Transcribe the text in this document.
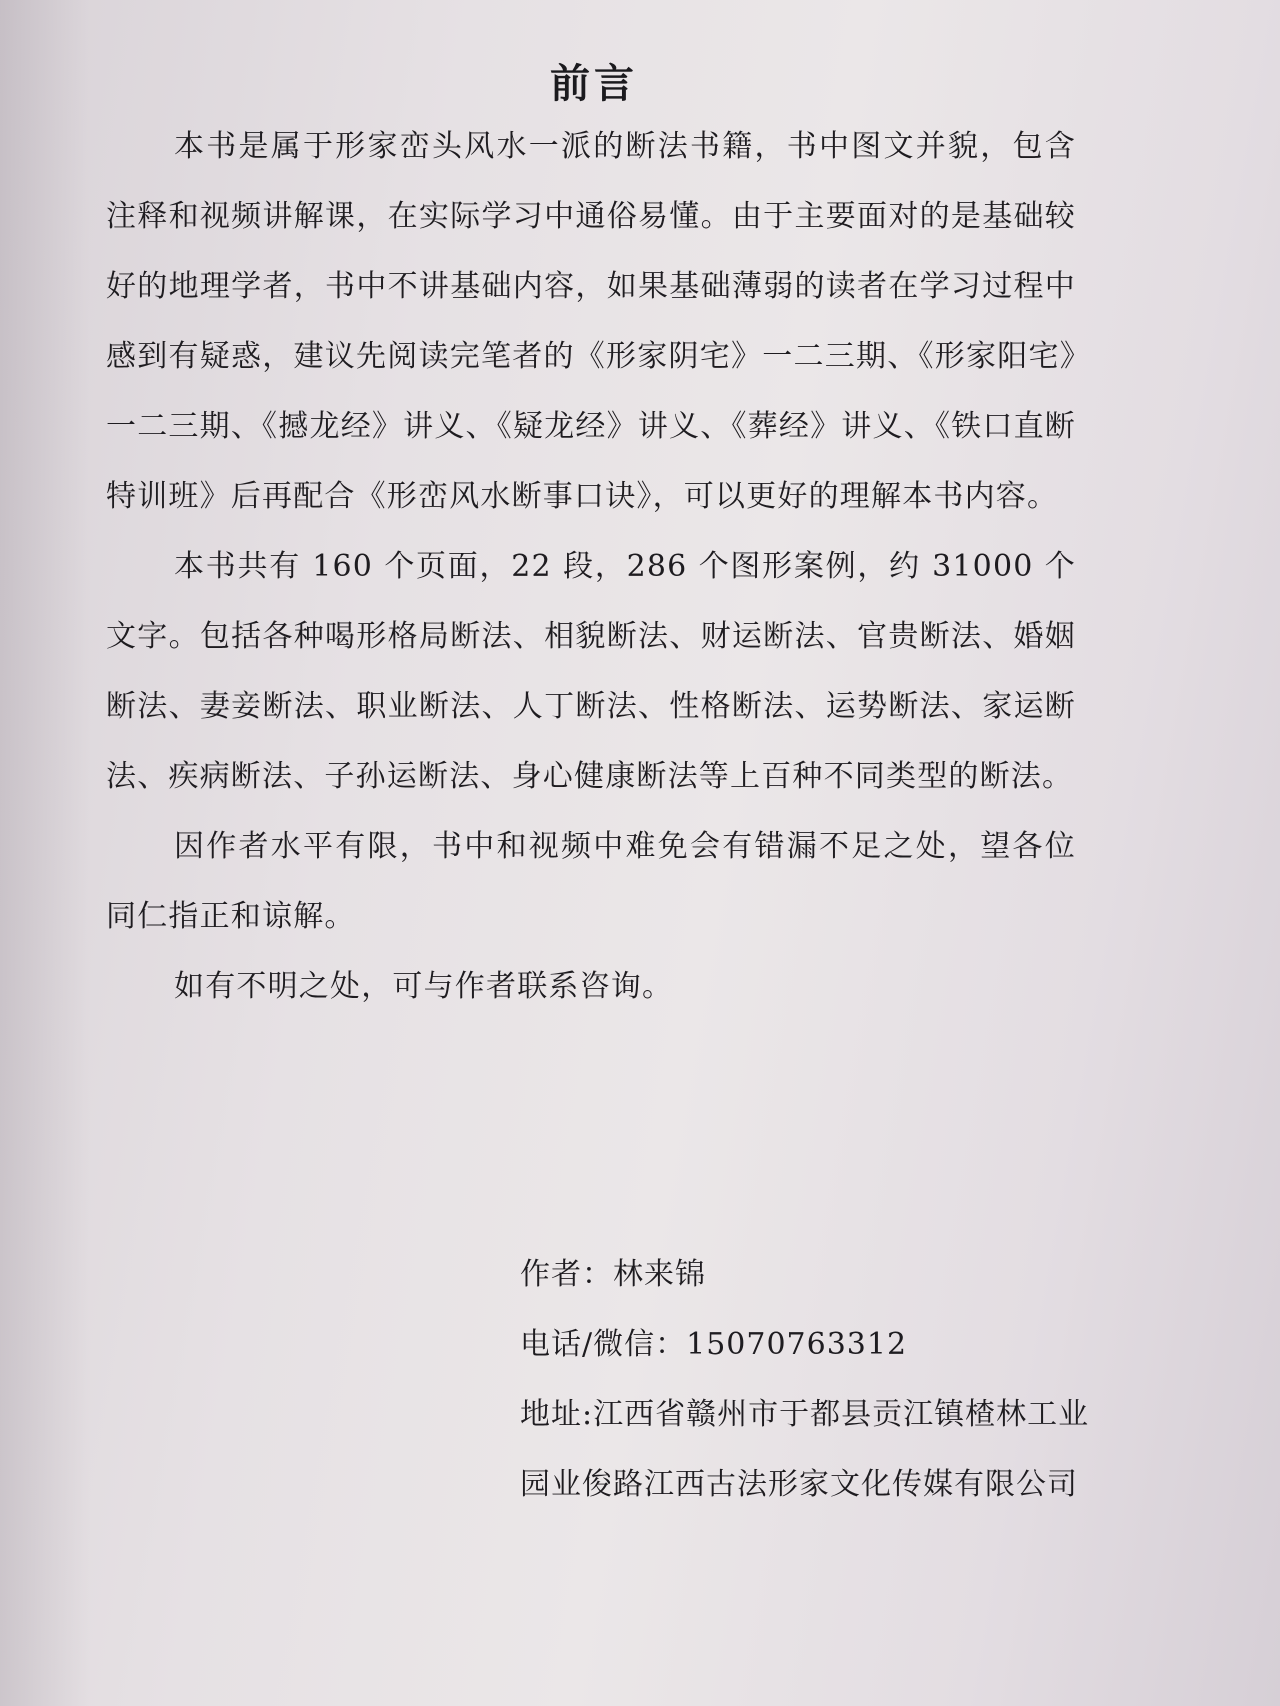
前言

本书是属于形家峦头风水一派的断法书籍，书中图文并貌，包含注释和视频讲解课，在实际学习中通俗易懂。由于主要面对的是基础较好的地理学者，书中不讲基础内容，如果基础薄弱的读者在学习过程中感到有疑惑，建议先阅读完笔者的《形家阴宅》一二三期、《形家阳宅》一二三期、《撼龙经》讲义、《疑龙经》讲义、《葬经》讲义、《铁口直断特训班》后再配合《形峦风水断事口诀》，可以更好的理解本书内容。

本书共有 160 个页面，22 段，286 个图形案例，约 31000 个文字。包括各种喝形格局断法、相貌断法、财运断法、官贵断法、婚姻断法、妻妾断法、职业断法、人丁断法、性格断法、运势断法、家运断法、疾病断法、子孙运断法、身心健康断法等上百种不同类型的断法。

因作者水平有限，书中和视频中难免会有错漏不足之处，望各位同仁指正和谅解。

如有不明之处，可与作者联系咨询。

作者：林来锦

电话/微信：15070763312

地址:江西省赣州市于都县贡江镇楂林工业

园业俊路江西古法形家文化传媒有限公司
